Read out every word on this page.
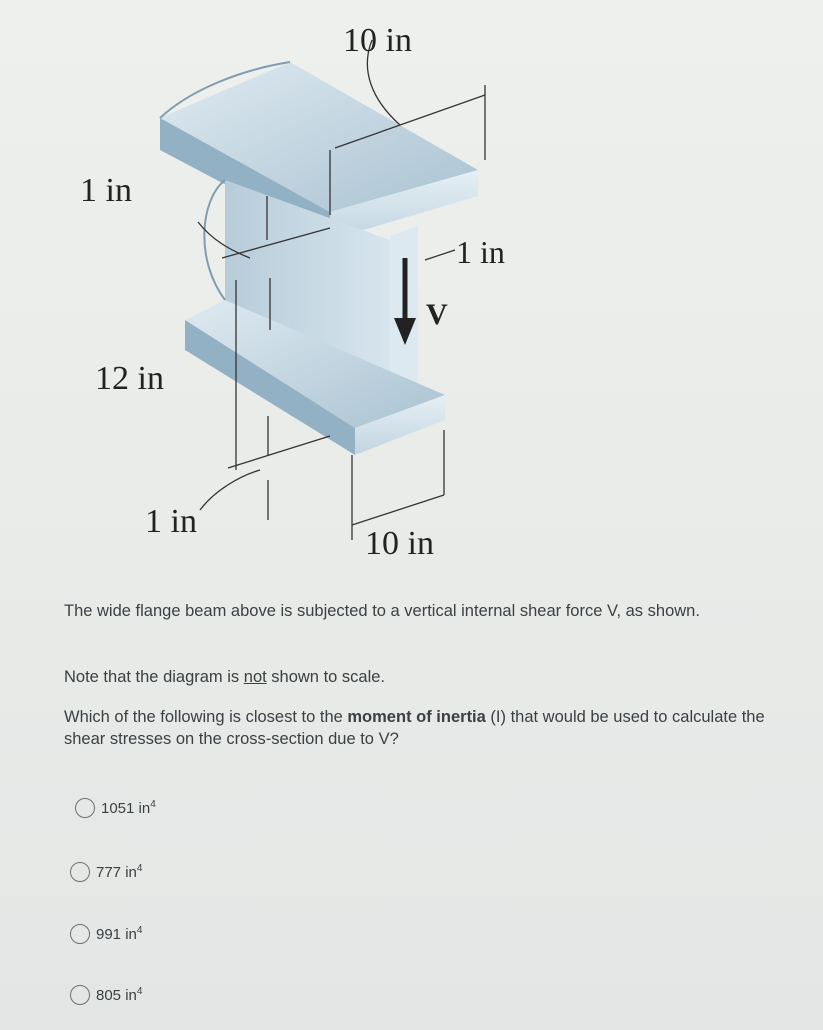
10 in
1 in
1 in
V
12 in
1 in
10 in
The wide flange beam above is subjected to a vertical internal shear force V, as shown.
Note that the diagram is not shown to scale.
Which of the following is closest to the moment of inertia (I) that would be used to calculate the shear stresses on the cross-section due to V?
1051 $in^4$
777 $in^4$
991 $in^4$
805 $in^4$
